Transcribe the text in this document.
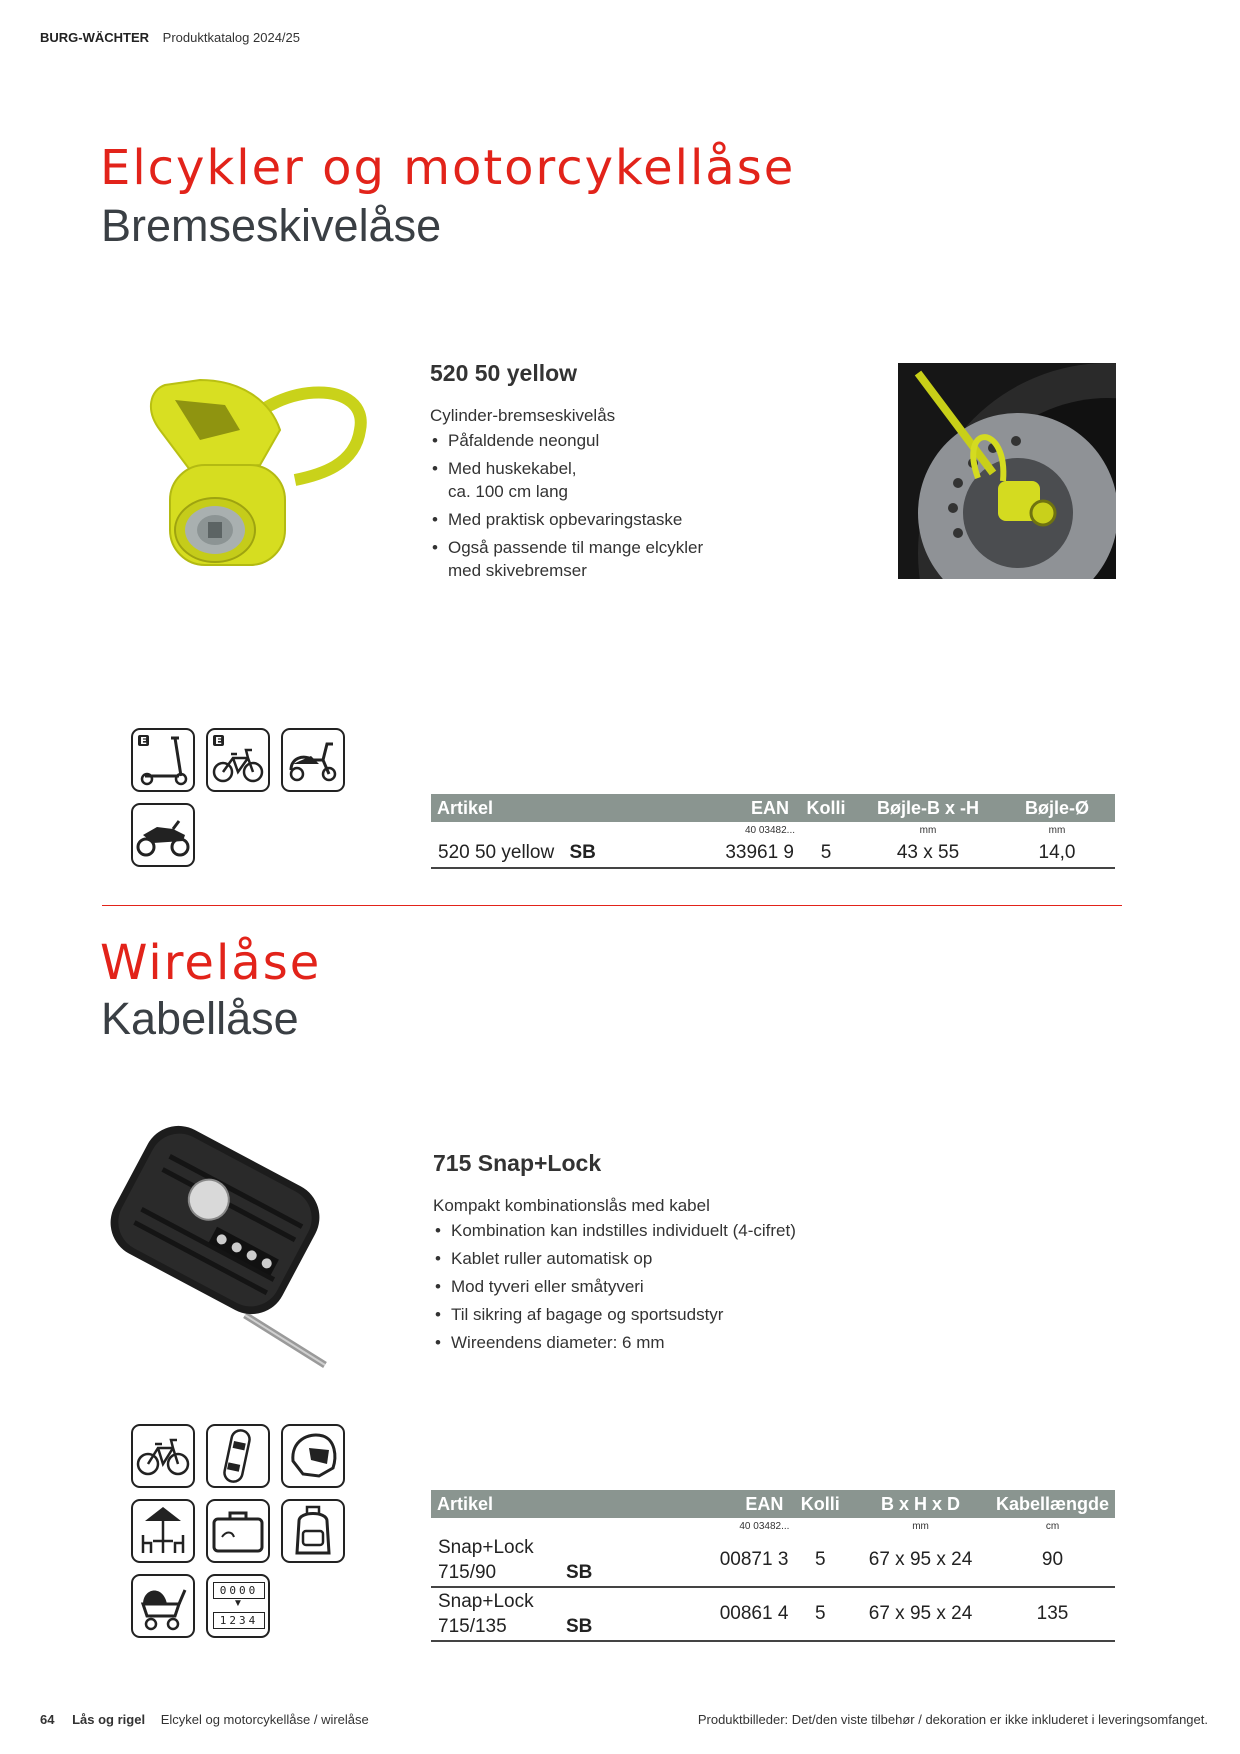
BURG-WÄCHTER Produktkatalog 2024/25
Elcykler og motorcykellåse
Bremseskivelåse
520 50 yellow
Cylinder-bremseskivelås
• Påfaldende neongul
• Med huskekabel,
ca. 100 cm lang
• Med praktisk opbevaringstaske
• Også passende til mange elcykler
med skivebremser
E	E
Artikel	EAN	Kolli	Bøjle-B x -H	Bøjle-Ø
	40 03482...		mm	mm
520 50 yellow SB	33961 9	5	43 x 55	14,0
Wirelåse
Kabellåse
715 Snap+Lock
Kompakt kombinationslås med kabel
• Kombination kan indstilles individuelt (4-cifret)
• Kablet ruller automatisk op
• Mod tyveri eller småtyveri
• Til sikring af bagage og sportsudstyr
• Wireendens diameter: 6 mm
0000
▼
1234
Artikel	EAN	Kolli	B x H x D	Kabellængde
	40 03482...		mm	cm
Snap+Lock
715/90 SB	00871 3	5	67 x 95 x 24	90
Snap+Lock
715/135 SB	00861 4	5	67 x 95 x 24	135
64 Lås og rigel Elcykel og motorcykellåse / wirelåse	Produktbilleder: Det/den viste tilbehør / dekoration er ikke inkluderet i leveringsomfanget.
